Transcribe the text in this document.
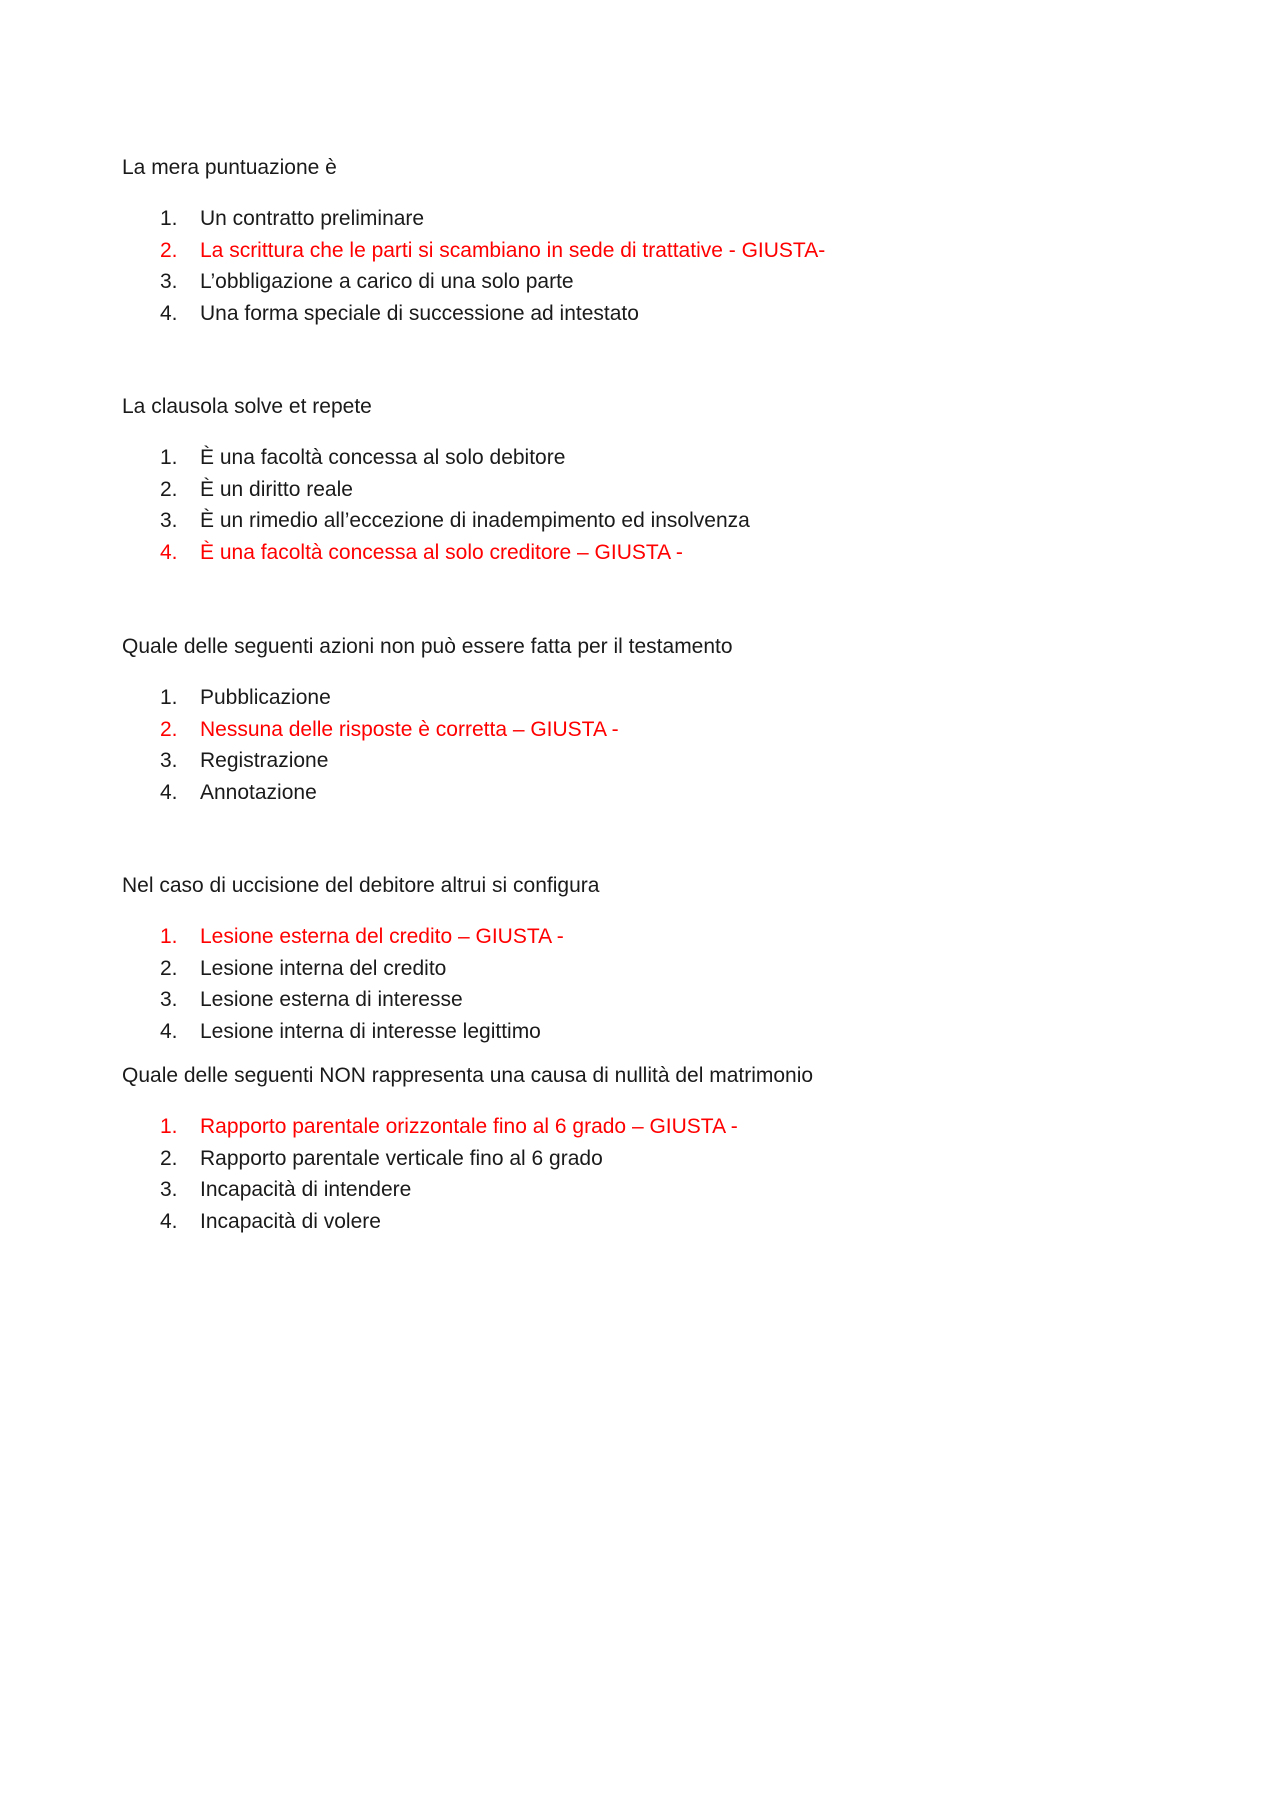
La mera puntuazione è

1.	Un contratto preliminare
2.	La scrittura che le parti si scambiano in sede di trattative - GIUSTA-
3.	L’obbligazione a carico di una solo parte
4.	Una forma speciale di successione ad intestato

La clausola solve et repete

1.	È una facoltà concessa al solo debitore
2.	È un diritto reale
3.	È un rimedio all’eccezione di inadempimento ed insolvenza
4.	È una facoltà concessa al solo creditore – GIUSTA -

Quale delle seguenti azioni non può essere fatta per il testamento

1.	Pubblicazione
2.	Nessuna delle risposte è corretta – GIUSTA -
3.	Registrazione
4.	Annotazione

Nel caso di uccisione del debitore altrui si configura

1.	Lesione esterna del credito – GIUSTA -
2.	Lesione interna del credito
3.	Lesione esterna di interesse
4.	Lesione interna di interesse legittimo

Quale delle seguenti NON rappresenta una causa di nullità del matrimonio

1.	Rapporto parentale orizzontale fino al 6 grado – GIUSTA -
2.	Rapporto parentale verticale fino al 6 grado
3.	Incapacità di intendere
4.	Incapacità di volere
